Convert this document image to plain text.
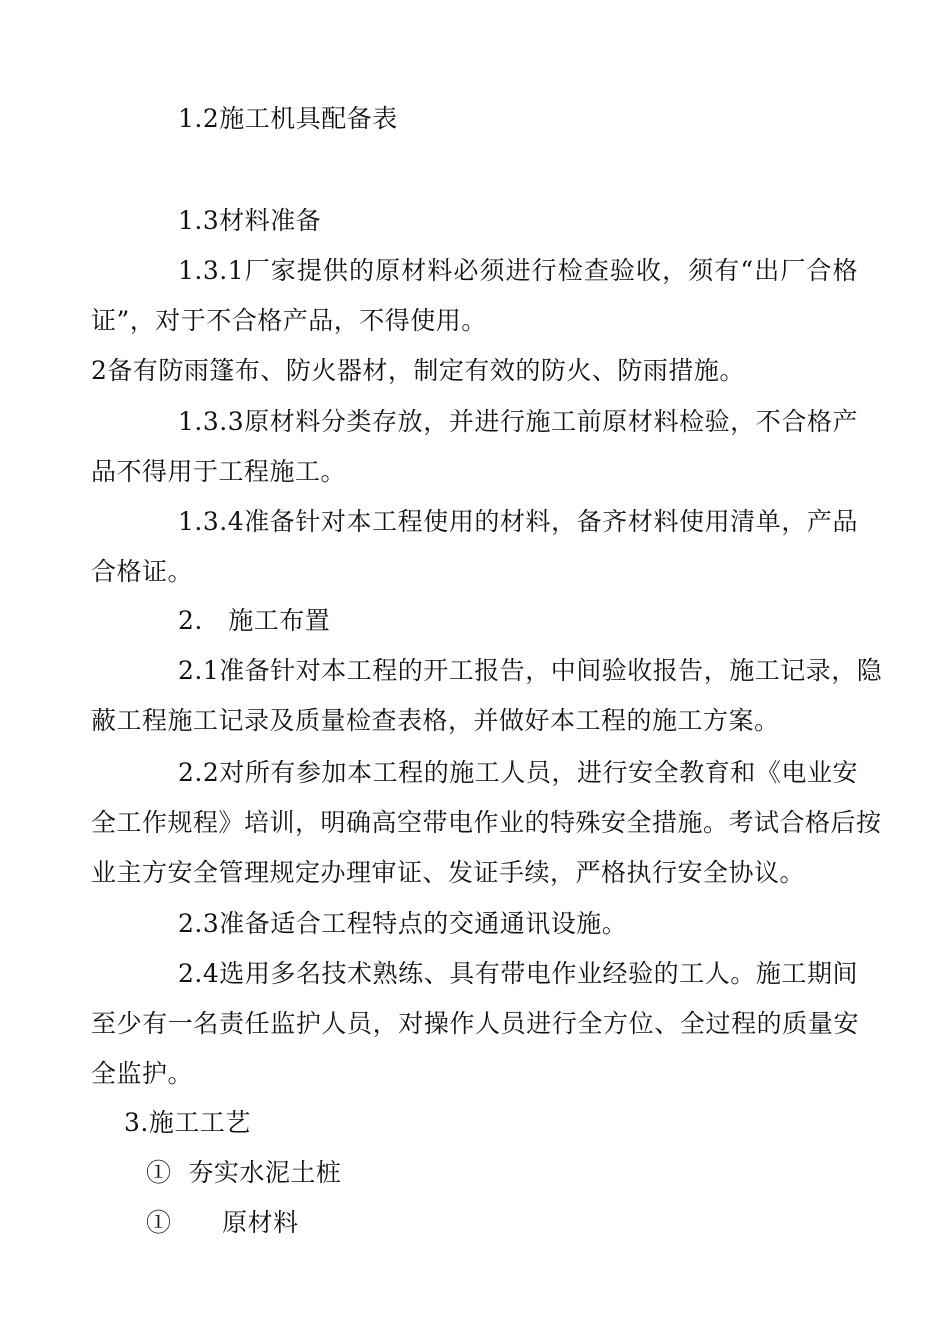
1.2施工机具配备表
1.3材料准备
1.3.1厂家提供的原材料必须进行检查验收，须有“出厂合格
证”，对于不合格产品，不得使用。
2备有防雨篷布、防火器材，制定有效的防火、防雨措施。
1.3.3原材料分类存放，并进行施工前原材料检验，不合格产
品不得用于工程施工。
1.3.4准备针对本工程使用的材料，备齐材料使用清单，产品
合格证。
2.   施工布置
2.1准备针对本工程的开工报告，中间验收报告，施工记录，隐
蔽工程施工记录及质量检查表格，并做好本工程的施工方案。
2.2对所有参加本工程的施工人员，进行安全教育和《电业安
全工作规程》培训，明确高空带电作业的特殊安全措施。考试合格后按
业主方安全管理规定办理审证、发证手续，严格执行安全协议。
2.3准备适合工程特点的交通通讯设施。
2.4选用多名技术熟练、具有带电作业经验的工人。施工期间
至少有一名责任监护人员，对操作人员进行全方位、全过程的质量安
全监护。
3.施工工艺
①  夯实水泥土桩
①      原材料
